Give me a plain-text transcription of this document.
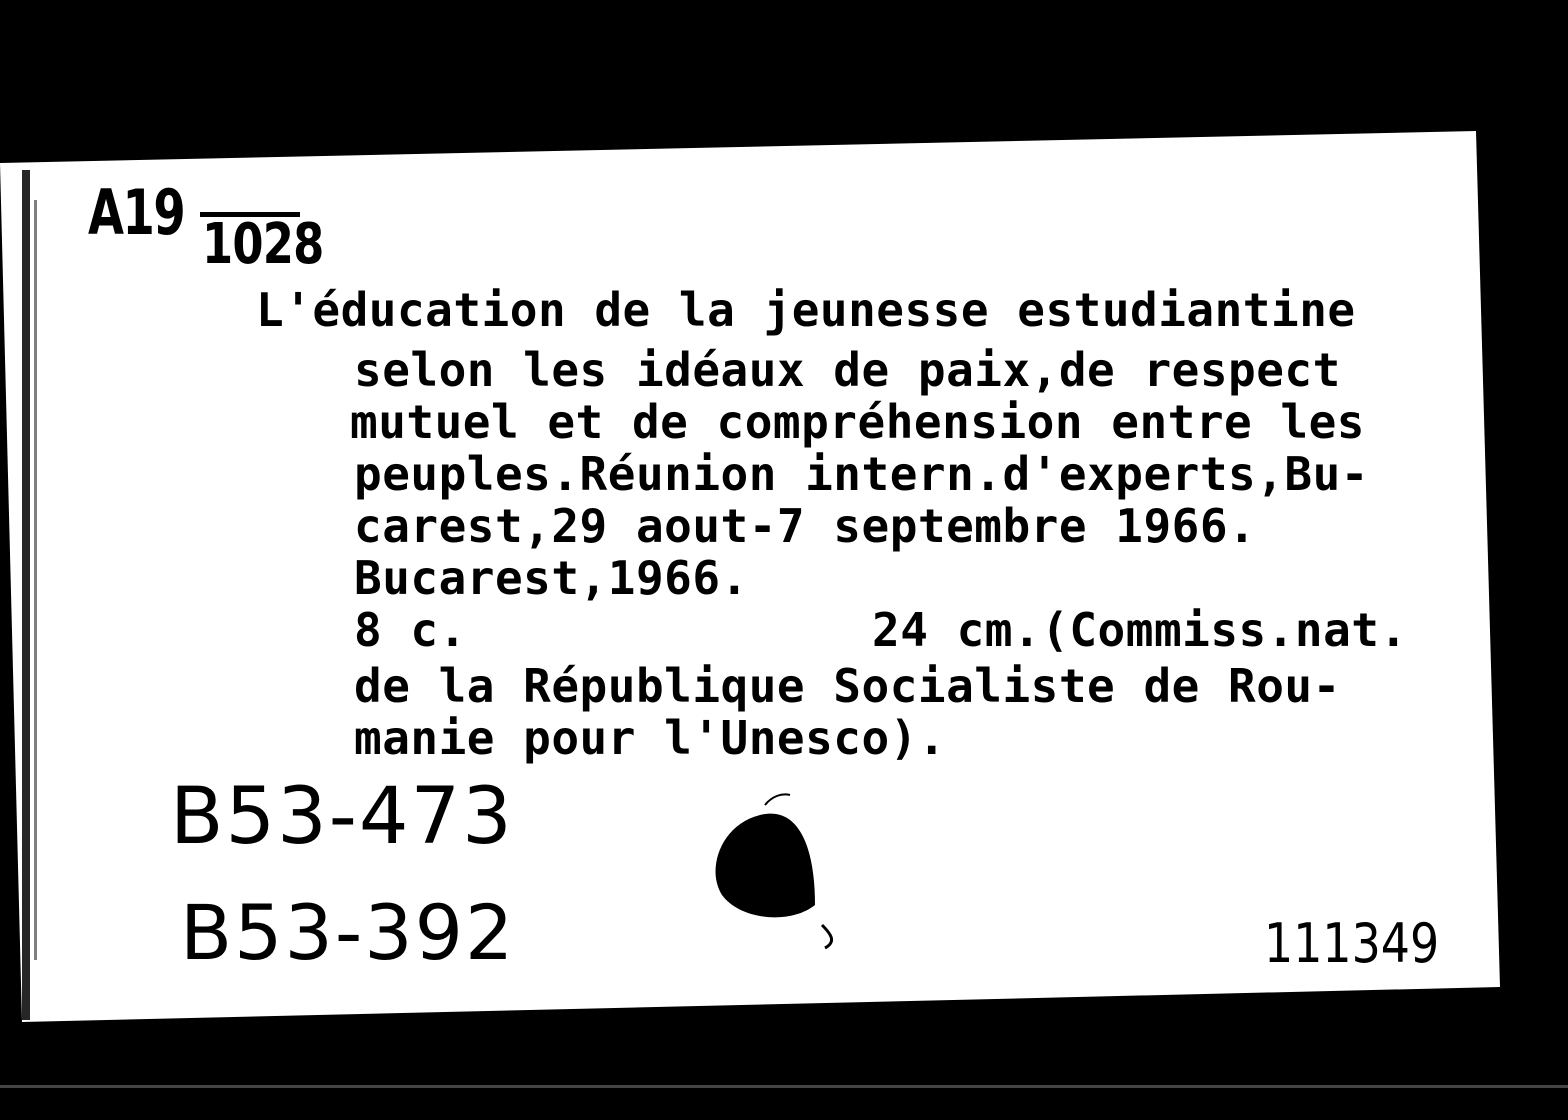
A19 1028

L'éducation de la jeunesse estudiantine

selon les idéaux de paix,de respect

mutuel et de compréhension entre les

peuples.Réunion intern.d'experts,Bu-

carest,29 aout-7 septembre 1966.

Bucarest,1966.

8 c.	24 cm.(Commiss.nat.

de la République Socialiste de Rou-

manie pour l'Unesco).

B53-473
B53-392	111349
